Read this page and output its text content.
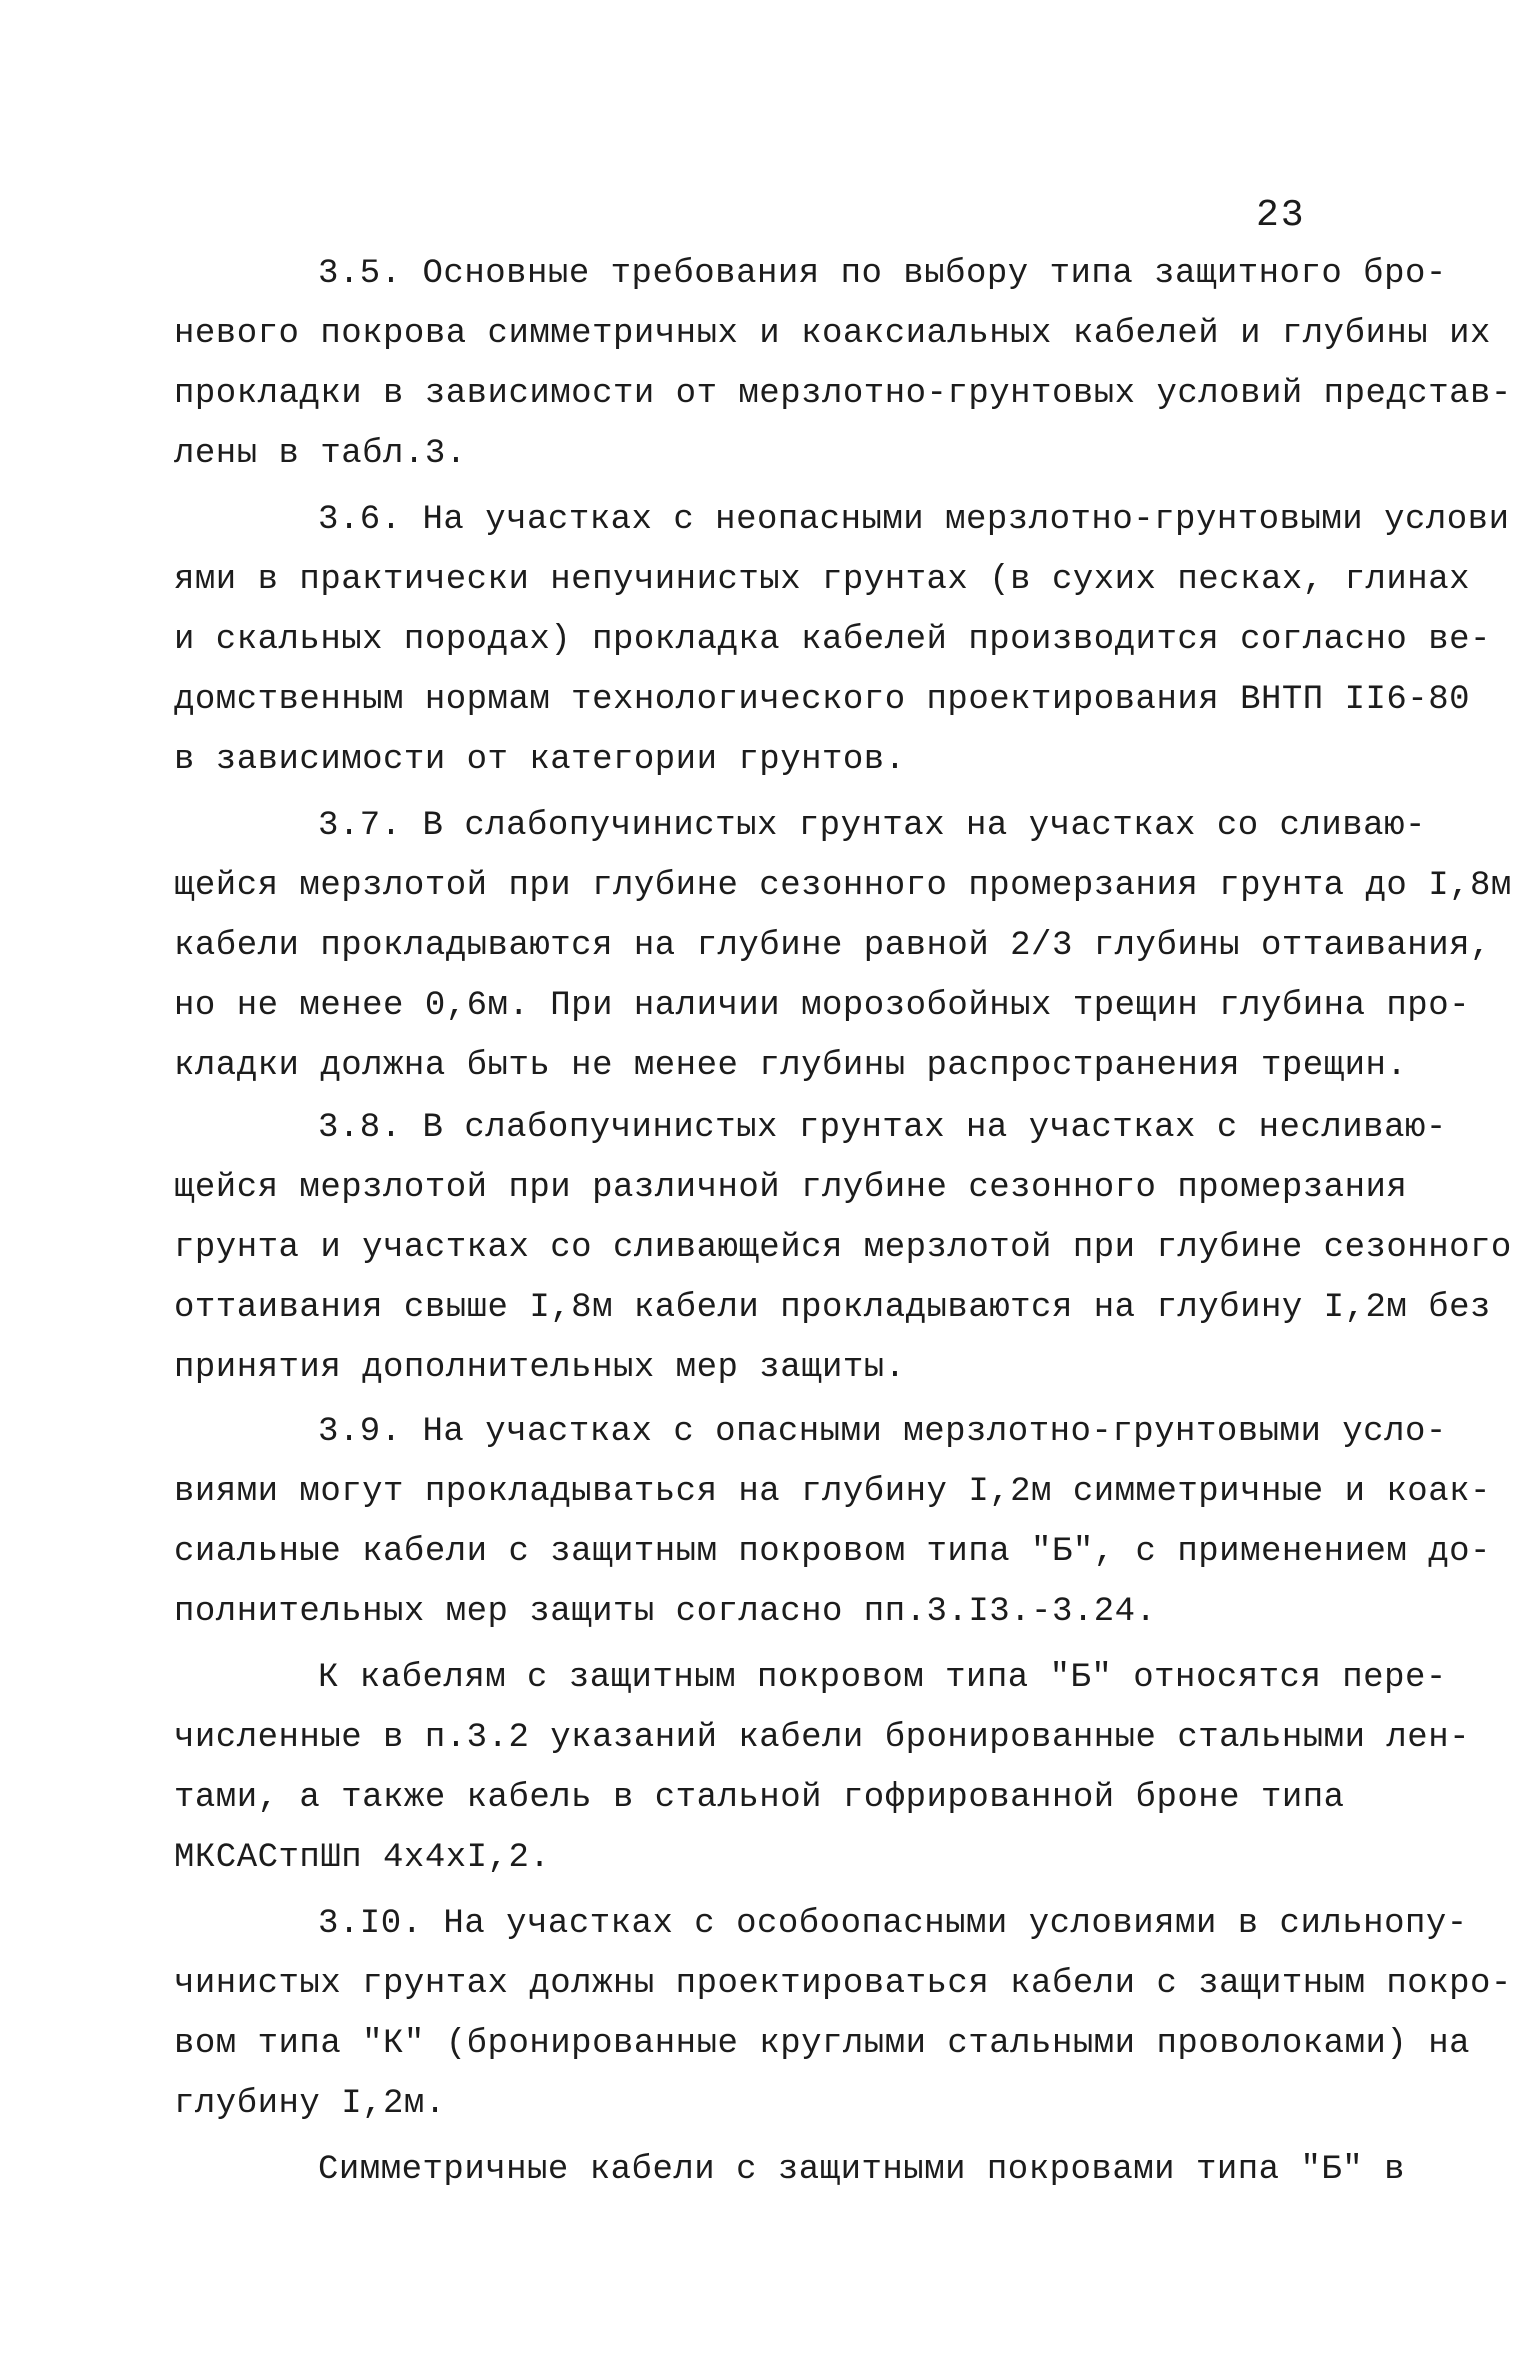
23
3.5. Основные требования по выбору типа защитного бро-
невого покрова симметричных и коаксиальных кабелей и глубины их
прокладки в зависимости от мерзлотно-грунтовых условий представ-
лены в табл.3.
3.6. На участках с неопасными мерзлотно-грунтовыми услови
ями в практически непучинистых грунтах (в сухих песках, глинах
и скальных породах) прокладка кабелей производится согласно ве-
домственным нормам технологического проектирования ВНТП II6-80
в зависимости от категории грунтов.
3.7. В слабопучинистых грунтах на участках со сливаю-
щейся мерзлотой при глубине сезонного промерзания грунта до I,8м
кабели прокладываются на глубине равной 2/3 глубины оттаивания,
но не менее 0,6м. При наличии морозобойных трещин глубина про-
кладки должна быть не менее глубины распространения трещин.
3.8. В слабопучинистых грунтах на участках с несливаю-
щейся мерзлотой при различной глубине сезонного промерзания
грунта и участках со сливающейся мерзлотой при глубине сезонного
оттаивания свыше I,8м кабели прокладываются на глубину I,2м без
принятия дополнительных мер защиты.
3.9. На участках с опасными мерзлотно-грунтовыми усло-
виями могут прокладываться на глубину I,2м симметричные и коак-
сиальные кабели с защитным покровом типа "Б", с применением до-
полнительных мер защиты согласно пп.3.I3.-3.24.
К кабелям с защитным покровом типа "Б" относятся пере-
численные в п.3.2 указаний кабели бронированные стальными лен-
тами, а также кабель в стальной гофрированной броне типа
МКСАСтпШп 4х4хI,2.
3.I0. На участках с особоопасными условиями в сильнопу-
чинистых грунтах должны проектироваться кабели с защитным покро-
вом типа "К" (бронированные круглыми стальными проволоками) на
глубину I,2м.
Симметричные кабели с защитными покровами типа "Б" в
